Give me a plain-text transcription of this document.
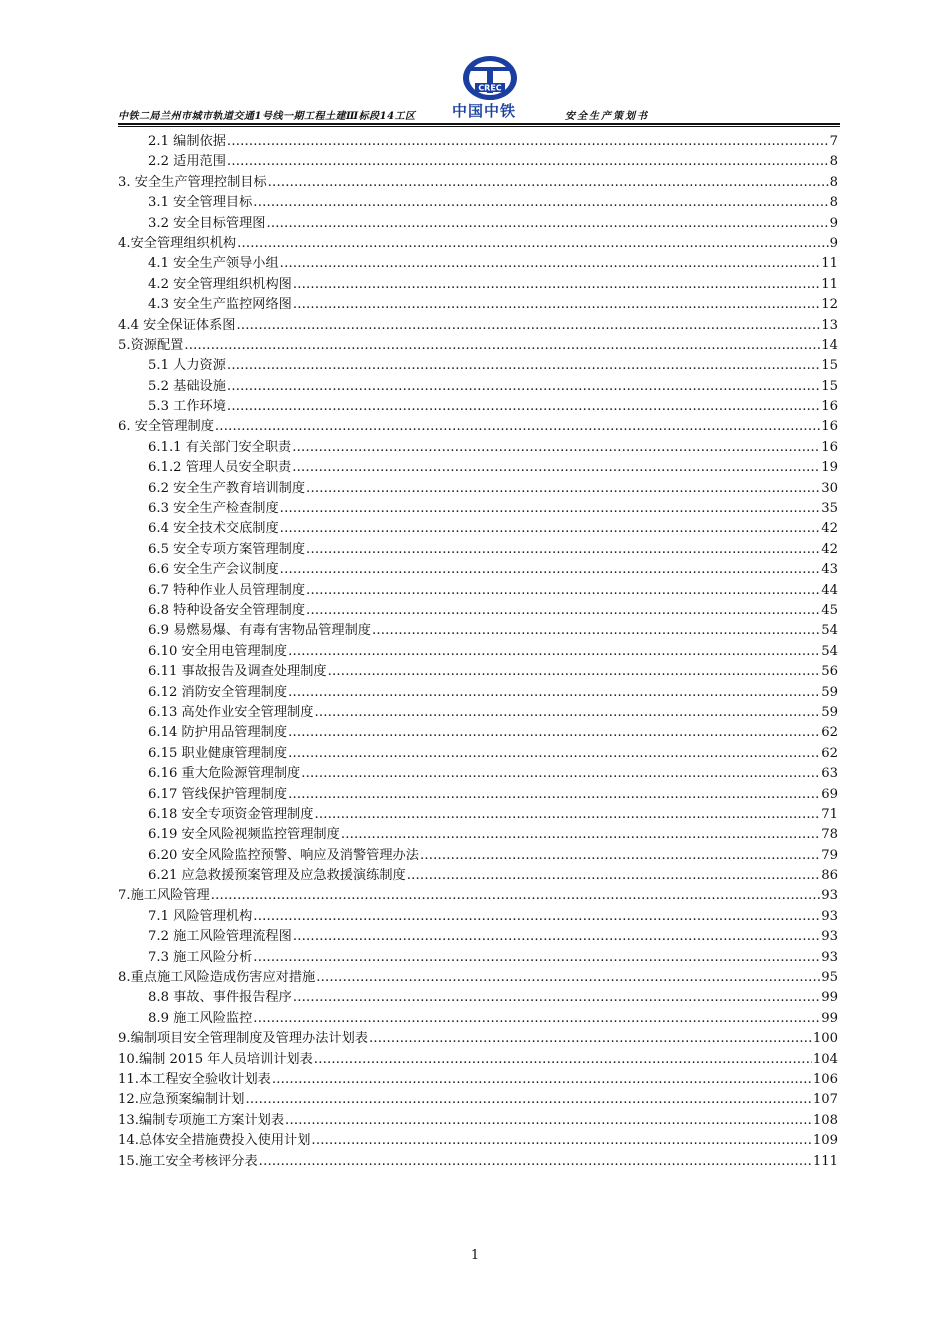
CREC
中国中铁
中铁二局兰州市城市轨道交通1号线一期工程土建Ⅲ标段14工区	安全生产策划书
2.1 编制依据 .....	7
2.2 适用范围 .....	8
3. 安全生产管理控制目标 .....	8
3.1 安全管理目标 .....	8
3.2 安全目标管理图 .....	9
4.安全管理组织机构 .....	9
4.1 安全生产领导小组 .....	11
4.2 安全管理组织机构图 .....	11
4.3 安全生产监控网络图 .....	12
4.4 安全保证体系图 .....	13
5.资源配置 .....	14
5.1 人力资源 .....	15
5.2 基础设施 .....	15
5.3 工作环境 .....	16
6. 安全管理制度 .....	16
6.1.1 有关部门安全职责 .....	16
6.1.2 管理人员安全职责 .....	19
6.2 安全生产教育培训制度 .....	30
6.3 安全生产检查制度 .....	35
6.4 安全技术交底制度 .....	42
6.5 安全专项方案管理制度 .....	42
6.6 安全生产会议制度 .....	43
6.7 特种作业人员管理制度 .....	44
6.8 特种设备安全管理制度 .....	45
6.9 易燃易爆、有毒有害物品管理制度 .....	54
6.10 安全用电管理制度 .....	54
6.11 事故报告及调查处理制度 .....	56
6.12 消防安全管理制度 .....	59
6.13 高处作业安全管理制度 .....	59
6.14 防护用品管理制度 .....	62
6.15 职业健康管理制度 .....	62
6.16 重大危险源管理制度 .....	63
6.17 管线保护管理制度 .....	69
6.18 安全专项资金管理制度 .....	71
6.19 安全风险视频监控管理制度 .....	78
6.20 安全风险监控预警、响应及消警管理办法 .....	79
6.21 应急救援预案管理及应急救援演练制度 .....	86
7.施工风险管理 .....	93
7.1 风险管理机构 .....	93
7.2 施工风险管理流程图 .....	93
7.3 施工风险分析 .....	93
8.重点施工风险造成伤害应对措施 .....	95
8.8 事故、事件报告程序 .....	99
8.9 施工风险监控 .....	99
9.编制项目安全管理制度及管理办法计划表 .....	100
10.编制 2015 年人员培训计划表 .....	104
11.本工程安全验收计划表 .....	106
12.应急预案编制计划 .....	107
13.编制专项施工方案计划表 .....	108
14.总体安全措施费投入使用计划 .....	109
15.施工安全考核评分表 .....	111
1
